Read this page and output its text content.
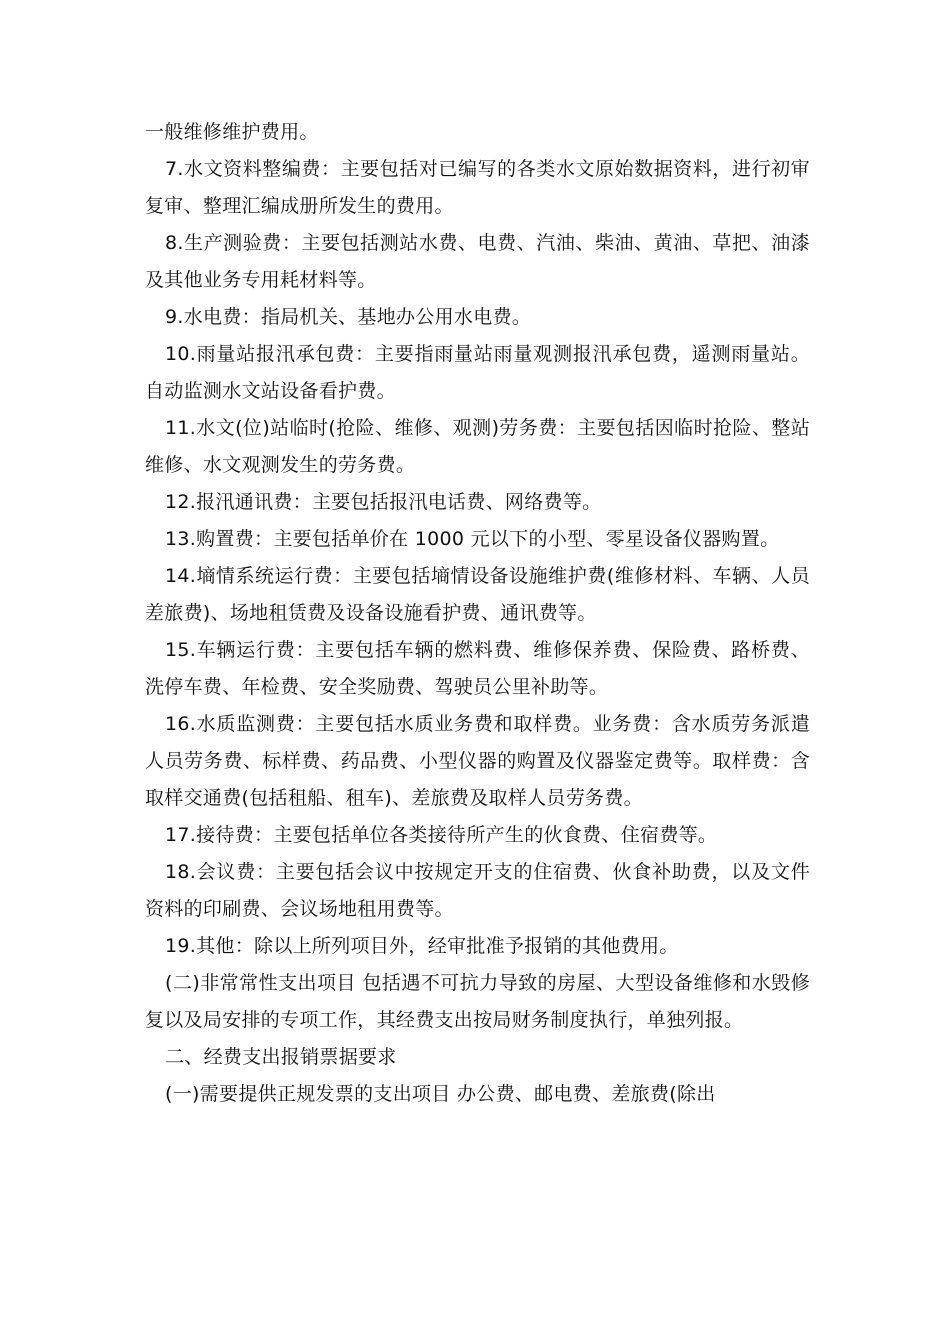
一般维修维护费用。

7.水文资料整编费：主要包括对已编写的各类水文原始数据资料，进行初审复审、整理汇编成册所发生的费用。

8.生产测验费：主要包括测站水费、电费、汽油、柴油、黄油、草把、油漆及其他业务专用耗材料等。

9.水电费：指局机关、基地办公用水电费。

10.雨量站报汛承包费：主要指雨量站雨量观测报汛承包费，遥测雨量站。自动监测水文站设备看护费。

11.水文(位)站临时(抢险、维修、观测)劳务费：主要包括因临时抢险、整站维修、水文观测发生的劳务费。

12.报汛通讯费：主要包括报汛电话费、网络费等。

13.购置费：主要包括单价在 1000 元以下的小型、零星设备仪器购置。

14.墒情系统运行费：主要包括墒情设备设施维护费(维修材料、车辆、人员差旅费)、场地租赁费及设备设施看护费、通讯费等。

15.车辆运行费：主要包括车辆的燃料费、维修保养费、保险费、路桥费、洗停车费、年检费、安全奖励费、驾驶员公里补助等。

16.水质监测费：主要包括水质业务费和取样费。业务费：含水质劳务派遣人员劳务费、标样费、药品费、小型仪器的购置及仪器鉴定费等。取样费：含取样交通费(包括租船、租车)、差旅费及取样人员劳务费。

17.接待费：主要包括单位各类接待所产生的伙食费、住宿费等。

18.会议费：主要包括会议中按规定开支的住宿费、伙食补助费，以及文件资料的印刷费、会议场地租用费等。

19.其他：除以上所列项目外，经审批准予报销的其他费用。

(二)非常常性支出项目 包括遇不可抗力导致的房屋、大型设备维修和水毁修复以及局安排的专项工作，其经费支出按局财务制度执行，单独列报。

二、经费支出报销票据要求

(一)需要提供正规发票的支出项目 办公费、邮电费、差旅费(除出
